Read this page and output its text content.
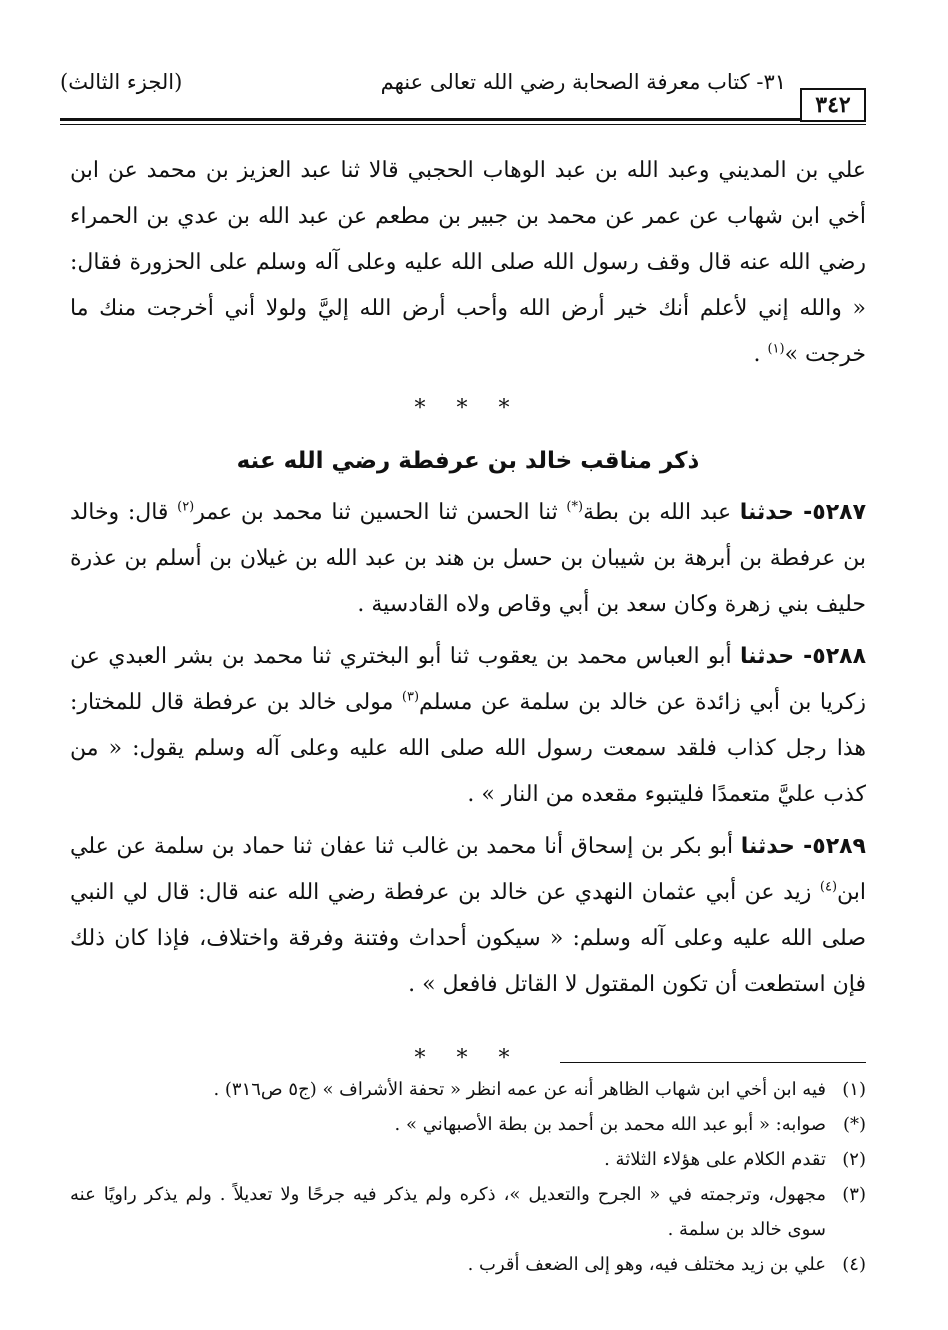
٣٤٢
٣١- كتاب معرفة الصحابة رضي الله تعالى عنهم
(الجزء الثالث)

علي بن المديني وعبد الله بن عبد الوهاب الحجبي قالا ثنا عبد العزيز بن محمد عن ابن أخي ابن شهاب عن عمر عن محمد بن جبير بن مطعم عن عبد الله بن عدي بن الحمراء رضي الله عنه قال وقف رسول الله صلى الله عليه وعلى آله وسلم على الحزورة فقال: « والله إني لأعلم أنك خير أرض الله وأحب أرض الله إليَّ ولولا أني أخرجت منك ما خرجت »$^{(١)}$ .

* * *

ذكر مناقب خالد بن عرفطة رضي الله عنه

٥٢٨٧- حدثنا عبد الله بن بطة(*) ثنا الحسن ثنا الحسين ثنا محمد بن عمر$^{(٢)}$ قال: وخالد بن عرفطة بن أبرهة بن شيبان بن حسل بن هند بن عبد الله بن غيلان بن أسلم بن عذرة حليف بني زهرة وكان سعد بن أبي وقاص ولاه القادسية .

٥٢٨٨- حدثنا أبو العباس محمد بن يعقوب ثنا أبو البختري ثنا محمد بن بشر العبدي عن زكريا بن أبي زائدة عن خالد بن سلمة عن مسلم$^{(٣)}$ مولى خالد بن عرفطة قال للمختار: هذا رجل كذاب فلقد سمعت رسول الله صلى الله عليه وعلى آله وسلم يقول: « من كذب عليَّ متعمدًا فليتبوء مقعده من النار » .

٥٢٨٩- حدثنا أبو بكر بن إسحاق أنا محمد بن غالب ثنا عفان ثنا حماد بن سلمة عن علي ابن$^{(٤)}$ زيد عن أبي عثمان النهدي عن خالد بن عرفطة رضي الله عنه قال: قال لي النبي صلى الله عليه وعلى آله وسلم: « سيكون أحداث وفتنة وفرقة واختلاف، فإذا كان ذلك فإن استطعت أن تكون المقتول لا القاتل فافعل » .

* * *

(١)
فيه ابن أخي ابن شهاب الظاهر أنه عن عمه انظر « تحفة الأشراف » (ج٥ ص٣١٦) .

(*)
صوابه: « أبو عبد الله محمد بن أحمد بن بطة الأصبهاني » .

(٢)
تقدم الكلام على هؤلاء الثلاثة .

(٣)
مجهول، وترجمته في « الجرح والتعديل »، ذكره ولم يذكر فيه جرحًا ولا تعديلاً . ولم يذكر راويًا عنه سوى خالد بن سلمة .

(٤)
علي بن زيد مختلف فيه، وهو إلى الضعف أقرب .
